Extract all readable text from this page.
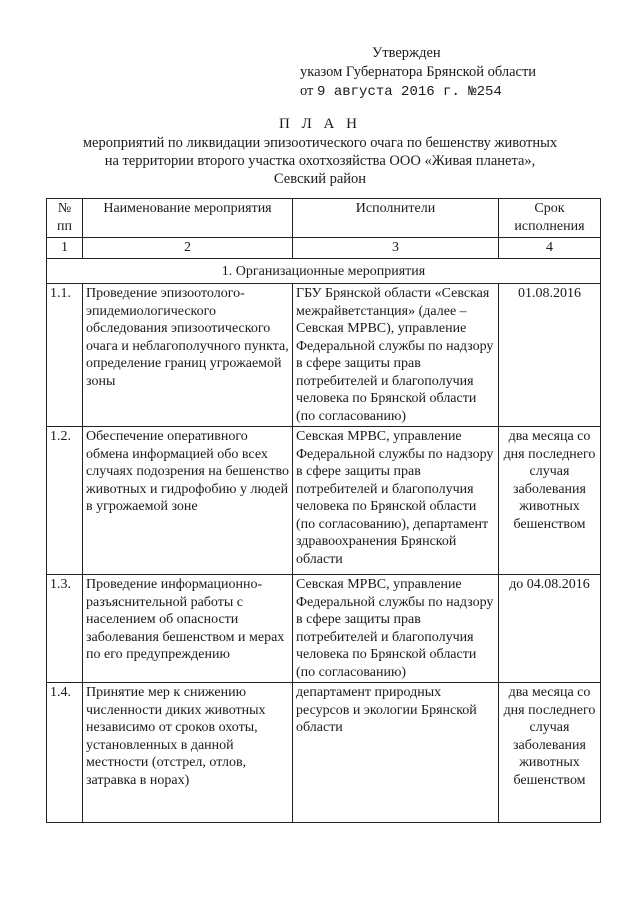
Утвержден
указом Губернатора Брянской области
от 9 августа 2016 г. №254
П Л А Н
мероприятий по ликвидации эпизоотического очага по бешенству животных
на территории второго участка охотхозяйства ООО «Живая планета»,
Севский район
№ пп	Наименование мероприятия	Исполнители	Срок исполнения
1	2	3	4
1. Организационные мероприятия			
1.1.	Проведение эпизоотолого-эпидемиологического обследования эпизоотического очага и неблагополучного пункта, определение границ угрожаемой зоны	ГБУ Брянской области «Севская межрайветстанция» (далее – Севская МРВС), управление Федеральной службы по надзору в сфере защиты прав потребителей и благополучия человека по Брянской области (по согласованию)	01.08.2016
1.2.	Обеспечение оперативного обмена информацией обо всех случаях подозрения на бешенство животных и гидрофобию у людей в угрожаемой зоне	Севская МРВС, управление Федеральной службы по надзору в сфере защиты прав потребителей и благополучия человека по Брянской области (по согласованию), департамент здравоохранения Брянской области	два месяца со дня последнего случая заболевания животных бешенством
1.3.	Проведение информационно-разъяснительной работы с населением об опасности заболевания бешенством и мерах по его предупреждению	Севская МРВС, управление Федеральной службы по надзору в сфере защиты прав потребителей и благополучия человека по Брянской области (по согласованию)	до 04.08.2016
1.4.	Принятие мер к снижению численности диких животных независимо от сроков охоты, установленных в данной местности (отстрел, отлов, затравка в норах)	департамент природных ресурсов и экологии Брянской области	два месяца со дня последнего случая заболевания животных бешенством
